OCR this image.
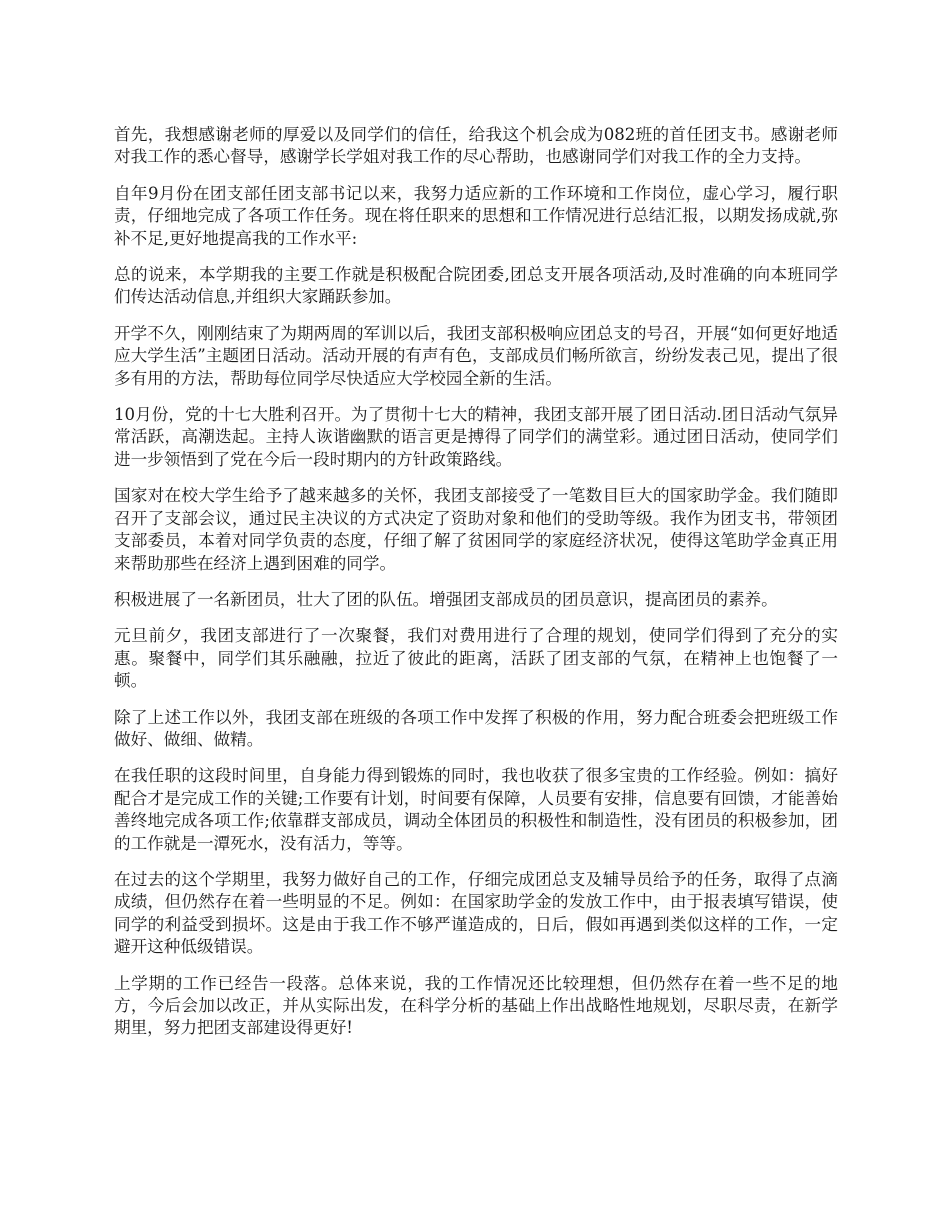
首先，我想感谢老师的厚爱以及同学们的信任，给我这个机会成为082班的首任团支书。感谢老师对我工作的悉心督导，感谢学长学姐对我工作的尽心帮助，也感谢同学们对我工作的全力支持。

自年9月份在团支部任团支部书记以来，我努力适应新的工作环境和工作岗位，虚心学习，履行职责，仔细地完成了各项工作任务。现在将任职来的思想和工作情况进行总结汇报，以期发扬成就,弥补不足,更好地提高我的工作水平:

总的说来，本学期我的主要工作就是积极配合院团委,团总支开展各项活动,及时准确的向本班同学们传达活动信息,并组织大家踊跃参加。

开学不久，刚刚结束了为期两周的军训以后，我团支部积极响应团总支的号召，开展“如何更好地适应大学生活”主题团日活动。活动开展的有声有色，支部成员们畅所欲言，纷纷发表己见，提出了很多有用的方法，帮助每位同学尽快适应大学校园全新的生活。

10月份，党的十七大胜利召开。为了贯彻十七大的精神，我团支部开展了团日活动.团日活动气氛异常活跃，高潮迭起。主持人诙谐幽默的语言更是搏得了同学们的满堂彩。通过团日活动，使同学们进一步领悟到了党在今后一段时期内的方针政策路线。

国家对在校大学生给予了越来越多的关怀，我团支部接受了一笔数目巨大的国家助学金。我们随即召开了支部会议，通过民主决议的方式决定了资助对象和他们的受助等级。我作为团支书，带领团支部委员，本着对同学负责的态度，仔细了解了贫困同学的家庭经济状况，使得这笔助学金真正用来帮助那些在经济上遇到困难的同学。

积极进展了一名新团员，壮大了团的队伍。增强团支部成员的团员意识，提高团员的素养。

元旦前夕，我团支部进行了一次聚餐，我们对费用进行了合理的规划，使同学们得到了充分的实惠。聚餐中，同学们其乐融融，拉近了彼此的距离，活跃了团支部的气氛，在精神上也饱餐了一顿。

除了上述工作以外，我团支部在班级的各项工作中发挥了积极的作用，努力配合班委会把班级工作做好、做细、做精。

在我任职的这段时间里，自身能力得到锻炼的同时，我也收获了很多宝贵的工作经验。例如：搞好配合才是完成工作的关键;工作要有计划，时间要有保障，人员要有安排，信息要有回馈，才能善始善终地完成各项工作;依靠群支部成员，调动全体团员的积极性和制造性，没有团员的积极参加，团的工作就是一潭死水，没有活力，等等。

在过去的这个学期里，我努力做好自己的工作，仔细完成团总支及辅导员给予的任务，取得了点滴成绩，但仍然存在着一些明显的不足。例如：在国家助学金的发放工作中，由于报表填写错误，使同学的利益受到损坏。这是由于我工作不够严谨造成的，日后，假如再遇到类似这样的工作，一定避开这种低级错误。

上学期的工作已经告一段落。总体来说，我的工作情况还比较理想，但仍然存在着一些不足的地方，今后会加以改正，并从实际出发，在科学分析的基础上作出战略性地规划，尽职尽责，在新学期里，努力把团支部建设得更好!
